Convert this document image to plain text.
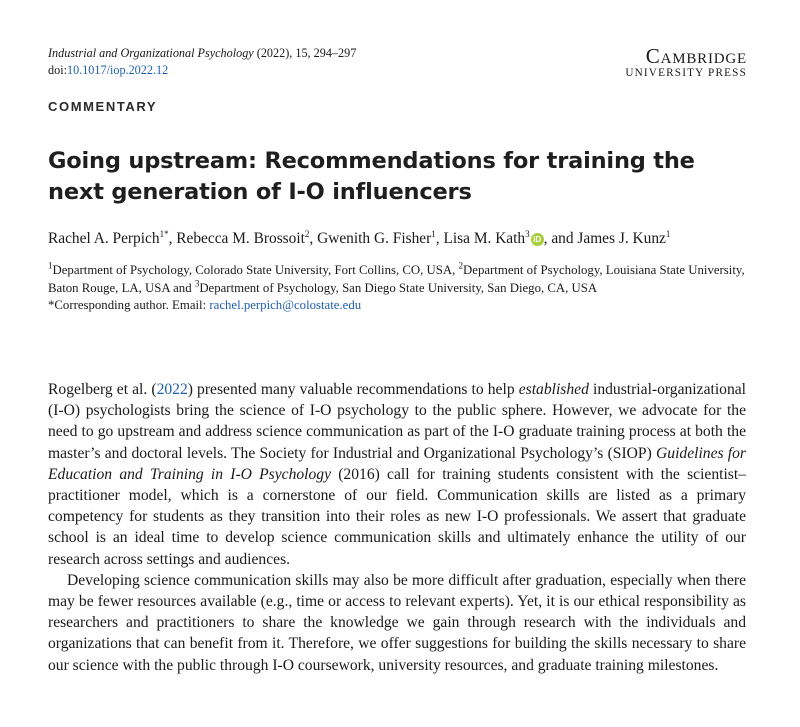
Industrial and Organizational Psychology (2022), 15, 294–297
doi:10.1017/iop.2022.12
Cambridge
UNIVERSITY PRESS
COMMENTARY
Going upstream: Recommendations for training the next generation of I-O influencers
Rachel A. Perpich$^{1*}$, Rebecca M. Brossoit$^2$, Gwenith G. Fisher$^1$, Lisa M. Kath$^3$iD , and James J. Kunz$^1$
$^1$Department of Psychology, Colorado State University, Fort Collins, CO, USA, $^2$Department of Psychology, Louisiana State University, Baton Rouge, LA, USA and $^3$Department of Psychology, San Diego State University, San Diego, CA, USA
*Corresponding author. Email: rachel.perpich@colostate.edu

Rogelberg et al. (2022) presented many valuable recommendations to help established industrial-organizational (I-O) psychologists bring the science of I-O psychology to the public sphere. However, we advocate for the need to go upstream and address science communication as part of the I-O graduate training process at both the master’s and doctoral levels. The Society for Industrial and Organizational Psychology’s (SIOP) Guidelines for Education and Training in I-O Psychology (2016) call for training students consistent with the scientist–practitioner model, which is a cornerstone of our field. Communication skills are listed as a primary competency for students as they transition into their roles as new I-O professionals. We assert that graduate school is an ideal time to develop science communication skills and ultimately enhance the utility of our research across settings and audiences.

Developing science communication skills may also be more difficult after graduation, especially when there may be fewer resources available (e.g., time or access to relevant experts). Yet, it is our ethical responsibility as researchers and practitioners to share the knowledge we gain through research with the individuals and organizations that can benefit from it. Therefore, we offer suggestions for building the skills necessary to share our science with the public through I-O coursework, university resources, and graduate training milestones.
